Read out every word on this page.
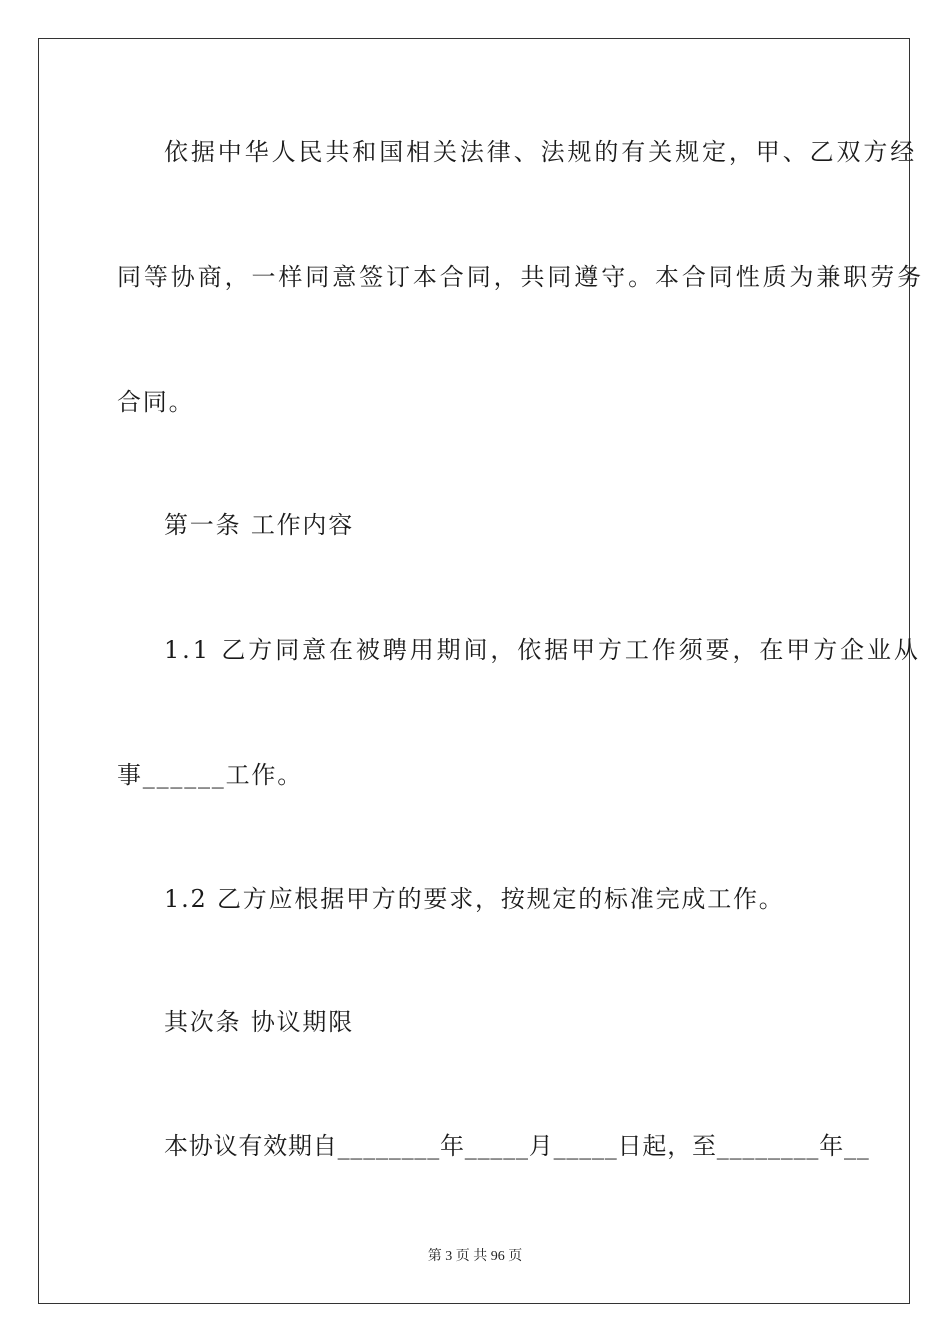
依据中华人民共和国相关法律、法规的有关规定，甲、乙双方经
同等协商，一样同意签订本合同，共同遵守。本合同性质为兼职劳务
合同。
第一条 工作内容
1.1 乙方同意在被聘用期间，依据甲方工作须要，在甲方企业从
事______工作。
1.2 乙方应根据甲方的要求，按规定的标准完成工作。
其次条 协议期限
本协议有效期自________年_____月_____日起，至________年__
第 3 页 共 96 页
